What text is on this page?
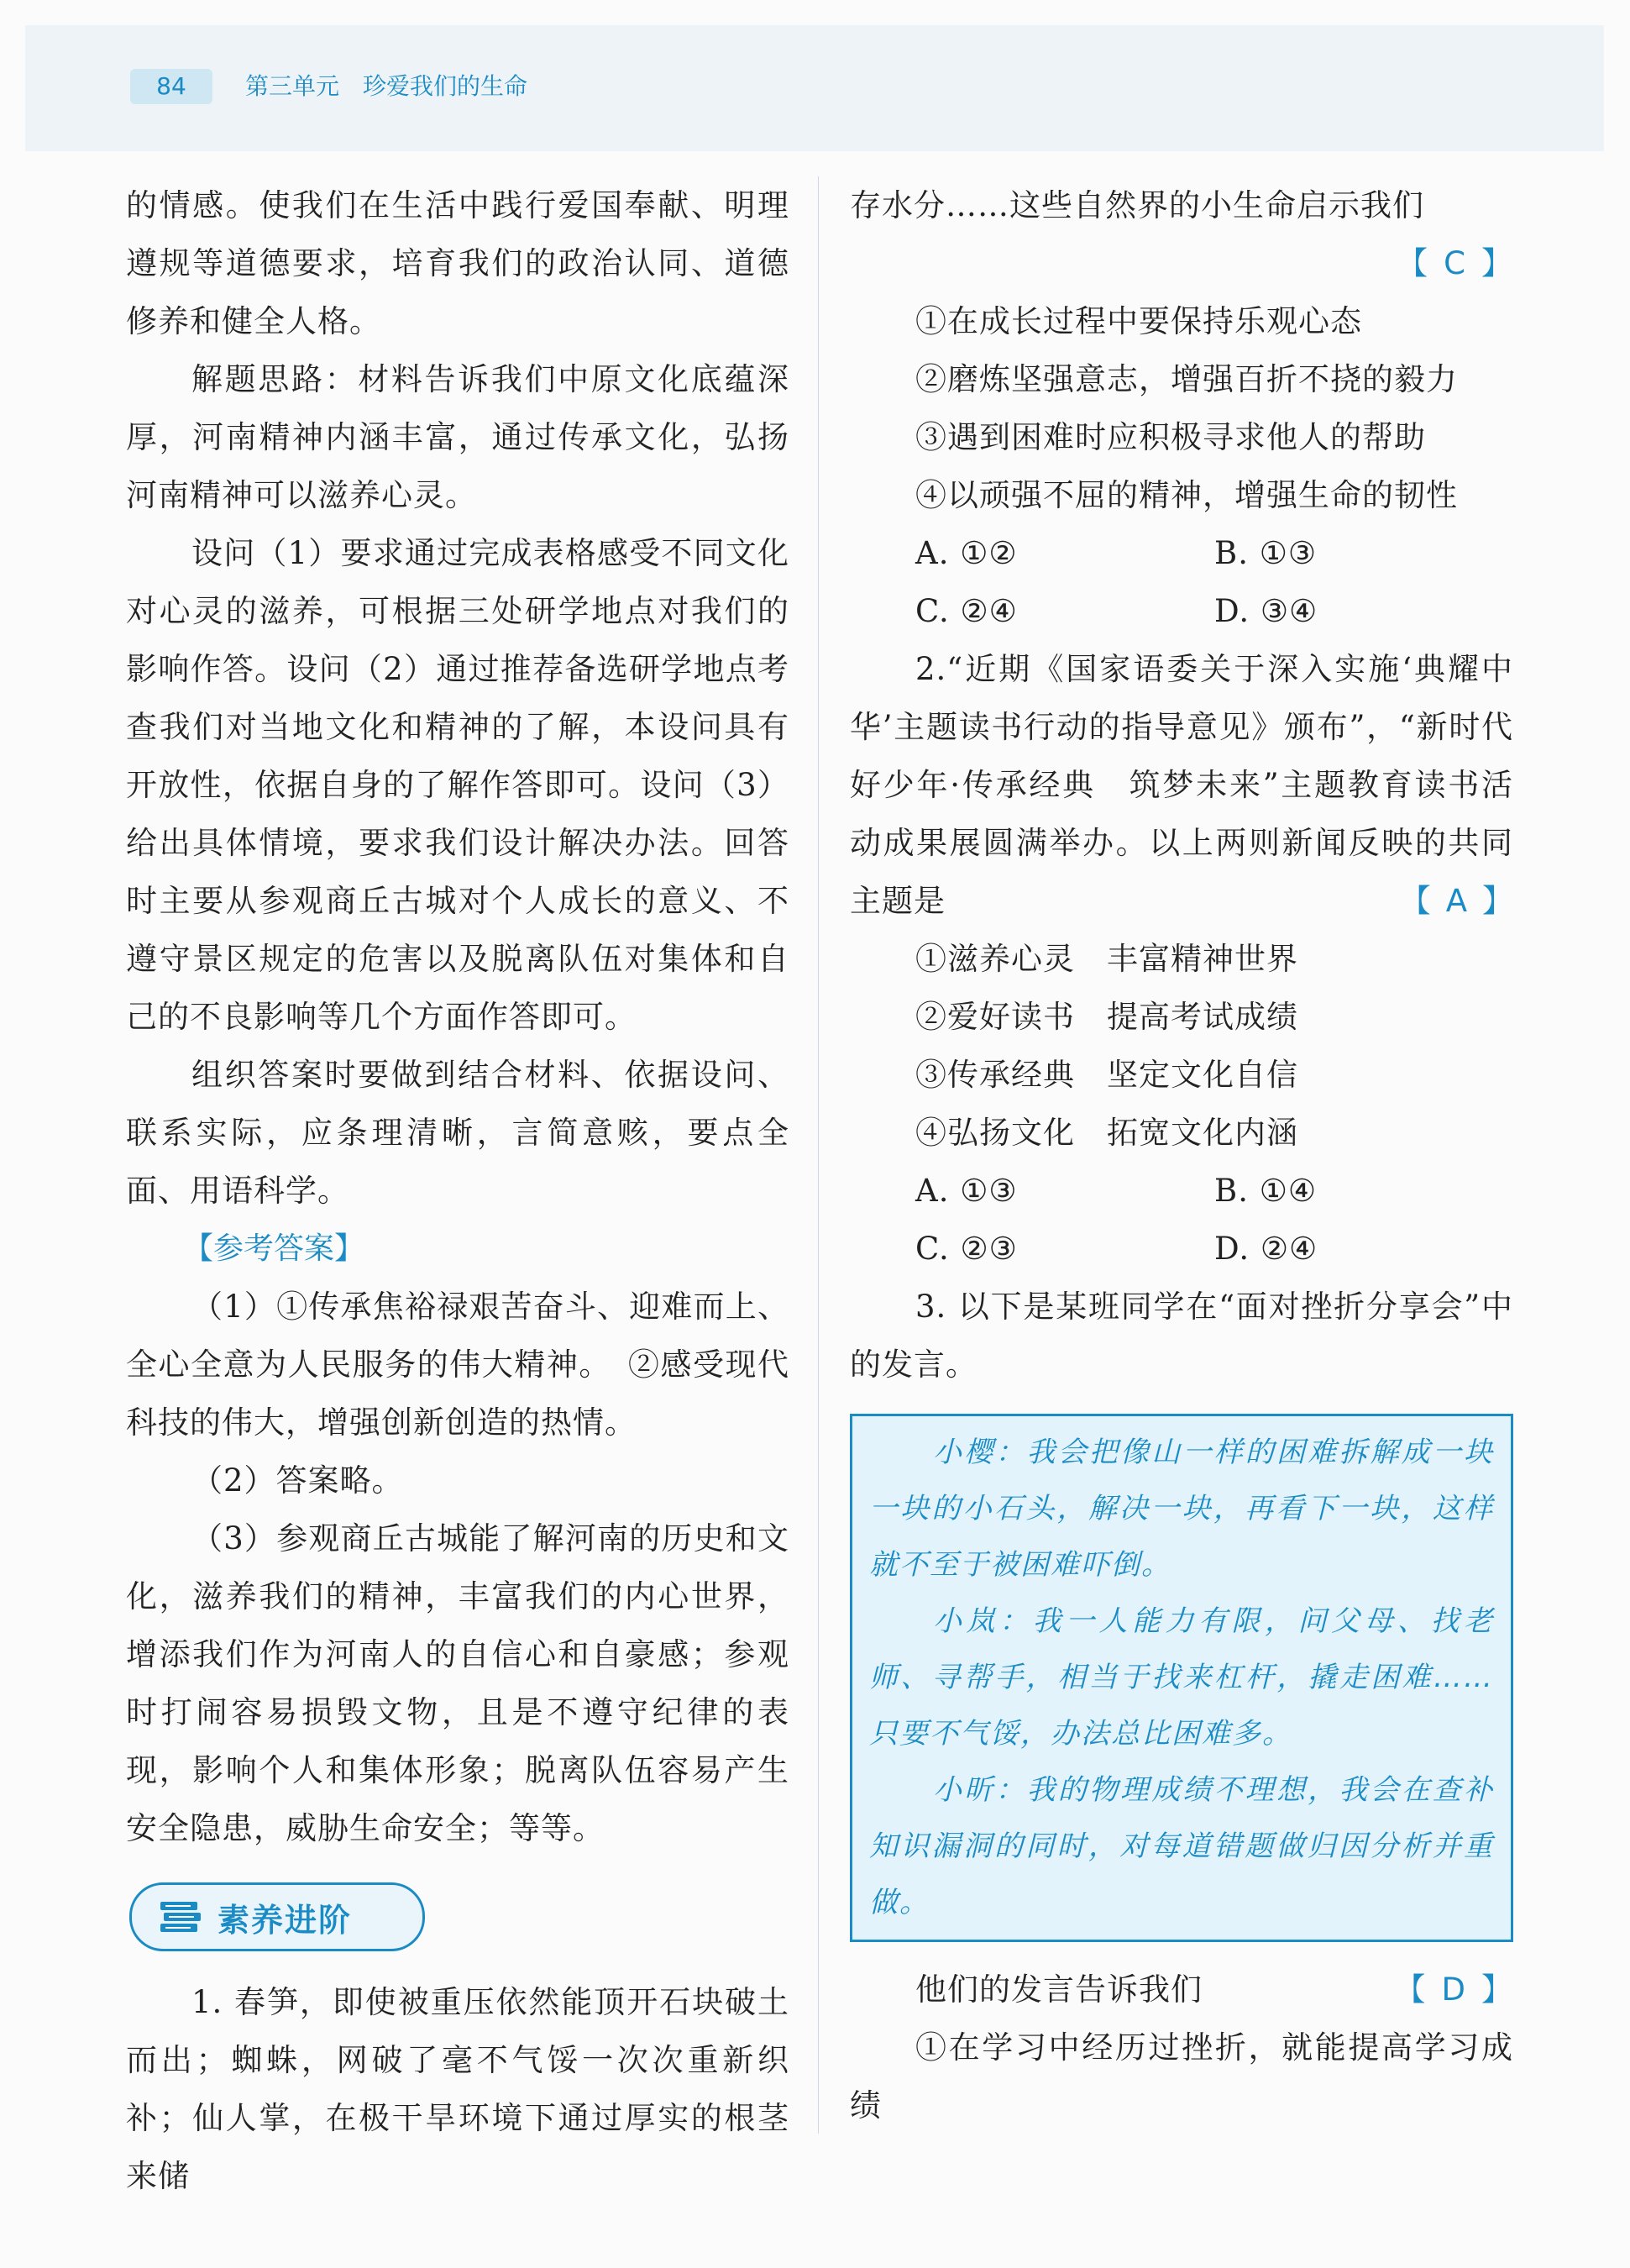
84	第三单元　珍爱我们的生命

的情感。使我们在生活中践行爱国奉献、明理遵规等道德要求，培育我们的政治认同、道德修养和健全人格。

解题思路：材料告诉我们中原文化底蕴深厚，河南精神内涵丰富，通过传承文化，弘扬河南精神可以滋养心灵。

设问（1）要求通过完成表格感受不同文化对心灵的滋养，可根据三处研学地点对我们的影响作答。设问（2）通过推荐备选研学地点考查我们对当地文化和精神的了解，本设问具有开放性，依据自身的了解作答即可。设问（3）给出具体情境，要求我们设计解决办法。回答时主要从参观商丘古城对个人成长的意义、不遵守景区规定的危害以及脱离队伍对集体和自己的不良影响等几个方面作答即可。

组织答案时要做到结合材料、依据设问、联系实际，应条理清晰，言简意赅，要点全面、用语科学。

【参考答案】

（1）①传承焦裕禄艰苦奋斗、迎难而上、全心全意为人民服务的伟大精神。　②感受现代科技的伟大，增强创新创造的热情。

（2）答案略。

（3）参观商丘古城能了解河南的历史和文化，滋养我们的精神，丰富我们的内心世界，增添我们作为河南人的自信心和自豪感；参观时打闹容易损毁文物，且是不遵守纪律的表现，影响个人和集体形象；脱离队伍容易产生安全隐患，威胁生命安全；等等。

素养进阶

1. 春笋，即使被重压依然能顶开石块破土而出；蜘蛛，网破了毫不气馁一次次重新织补；仙人掌，在极干旱环境下通过厚实的根茎来储

存水分……这些自然界的小生命启示我们

【 C 】

①在成长过程中要保持乐观心态

②磨炼坚强意志，增强百折不挠的毅力

③遇到困难时应积极寻求他人的帮助

④以顽强不屈的精神，增强生命的韧性

A. ①②	B. ①③
C. ②④	D. ③④

2.“近期《国家语委关于深入实施‘典耀中华’主题读书行动的指导意见》颁布”，“新时代好少年·传承经典　筑梦未来”主题教育读书活动成果展圆满举办。以上两则新闻反映的共同主题是	【 A 】

①滋养心灵　丰富精神世界

②爱好读书　提高考试成绩

③传承经典　坚定文化自信

④弘扬文化　拓宽文化内涵

A. ①③	B. ①④
C. ②③	D. ②④

3. 以下是某班同学在“面对挫折分享会”中的发言。

小樱：我会把像山一样的困难拆解成一块一块的小石头，解决一块，再看下一块，这样就不至于被困难吓倒。

小岚：我一人能力有限，问父母、找老师、寻帮手，相当于找来杠杆，撬走困难……只要不气馁，办法总比困难多。

小昕：我的物理成绩不理想，我会在查补知识漏洞的同时，对每道错题做归因分析并重做。

他们的发言告诉我们	【 D 】

①在学习中经历过挫折，就能提高学习成绩
